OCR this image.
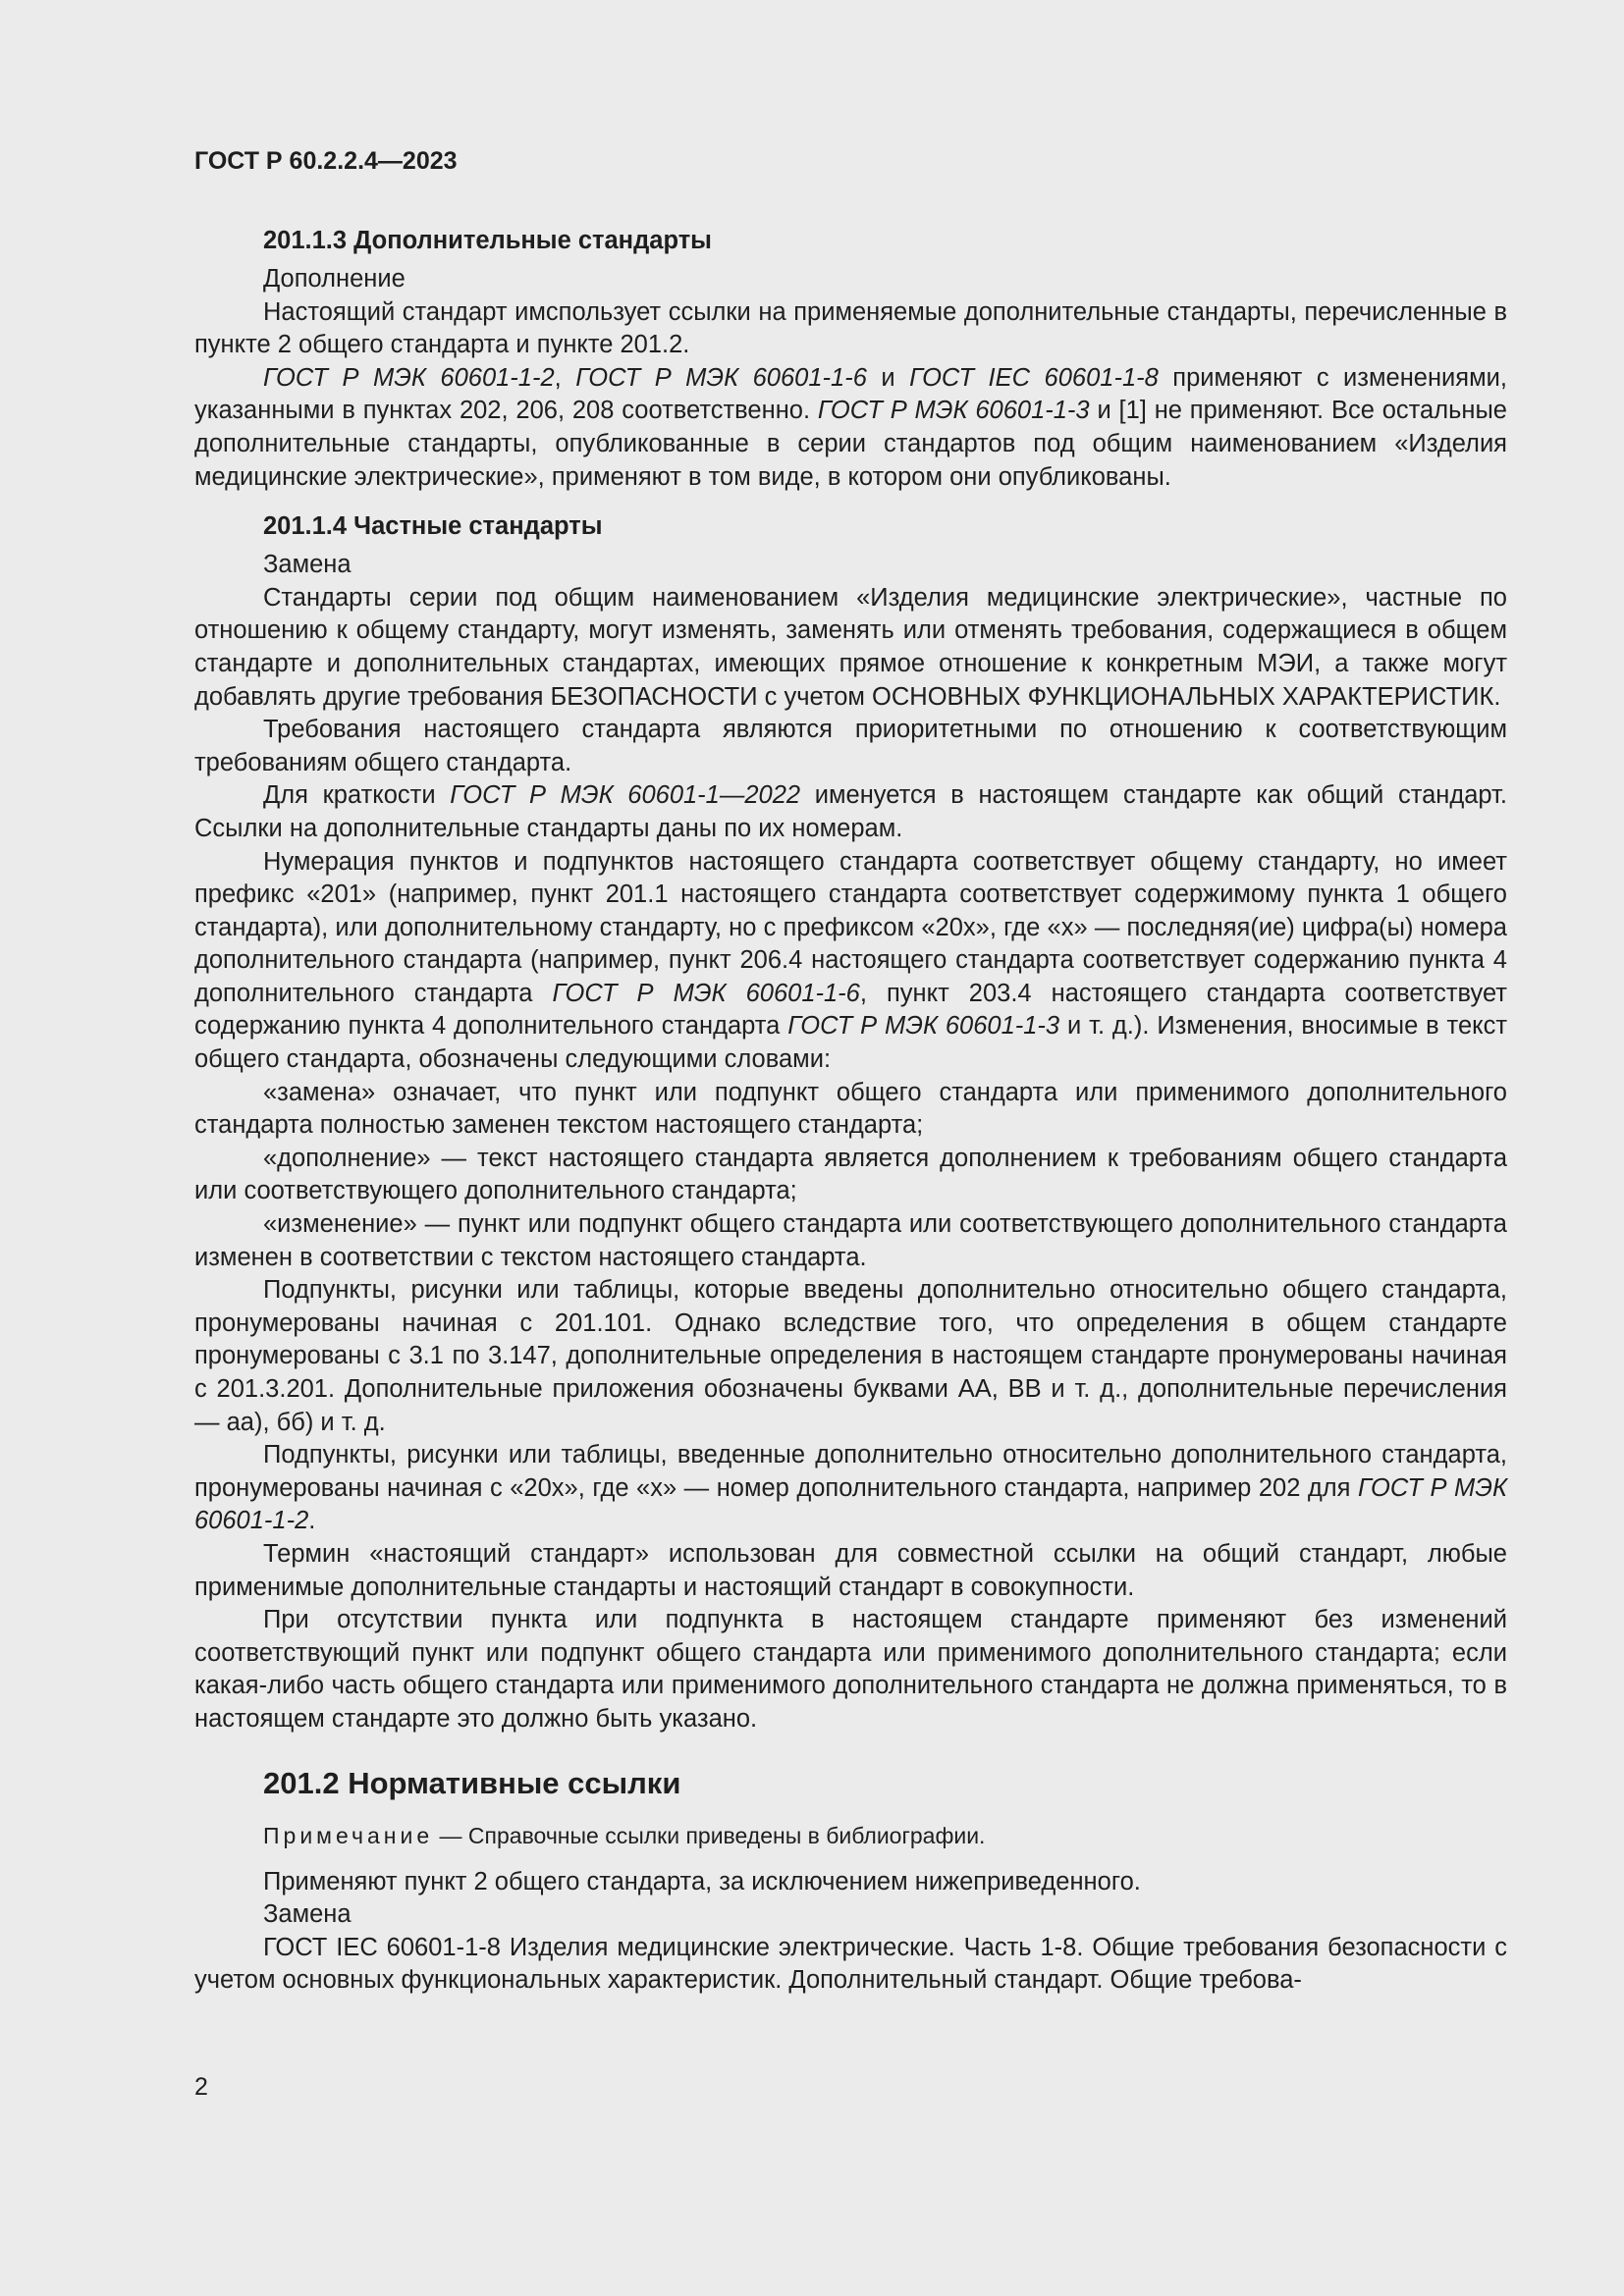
ГОСТ Р 60.2.2.4—2023
201.1.3 Дополнительные стандарты

Дополнение

Настоящий стандарт имспользует ссылки на применяемые дополнительные стандарты, перечисленные в пункте 2 общего стандарта и пункте 201.2.

ГОСТ Р МЭК 60601-1-2, ГОСТ Р МЭК 60601-1-6 и ГОСТ IEC 60601-1-8 применяют с изменениями, указанными в пунктах 202, 206, 208 соответственно. ГОСТ Р МЭК 60601-1-3 и [1] не применяют. Все остальные дополнительные стандарты, опубликованные в серии стандартов под общим наименованием «Изделия медицинские электрические», применяют в том виде, в котором они опубликованы.

201.1.4 Частные стандарты

Замена

Стандарты серии под общим наименованием «Изделия медицинские электрические», частные по отношению к общему стандарту, могут изменять, заменять или отменять требования, содержащиеся в общем стандарте и дополнительных стандартах, имеющих прямое отношение к конкретным МЭИ, а также могут добавлять другие требования БЕЗОПАСНОСТИ с учетом ОСНОВНЫХ ФУНКЦИОНАЛЬНЫХ ХАРАКТЕРИСТИК.

Требования настоящего стандарта являются приоритетными по отношению к соответствующим требованиям общего стандарта.

Для краткости ГОСТ Р МЭК 60601-1—2022 именуется в настоящем стандарте как общий стандарт. Ссылки на дополнительные стандарты даны по их номерам.

Нумерация пунктов и подпунктов настоящего стандарта соответствует общему стандарту, но имеет префикс «201» (например, пункт 201.1 настоящего стандарта соответствует содержимому пункта 1 общего стандарта), или дополнительному стандарту, но с префиксом «20x», где «x» — последняя(ие) цифра(ы) номера дополнительного стандарта (например, пункт 206.4 настоящего стандарта соответствует содержанию пункта 4 дополнительного стандарта ГОСТ Р МЭК 60601-1-6, пункт 203.4 настоящего стандарта соответствует содержанию пункта 4 дополнительного стандарта ГОСТ Р МЭК 60601-1-3 и т. д.). Изменения, вносимые в текст общего стандарта, обозначены следующими словами:

«замена» означает, что пункт или подпункт общего стандарта или применимого дополнительного стандарта полностью заменен текстом настоящего стандарта;

«дополнение» — текст настоящего стандарта является дополнением к требованиям общего стандарта или соответствующего дополнительного стандарта;

«изменение» — пункт или подпункт общего стандарта или соответствующего дополнительного стандарта изменен в соответствии с текстом настоящего стандарта.

Подпункты, рисунки или таблицы, которые введены дополнительно относительно общего стандарта, пронумерованы начиная с 201.101. Однако вследствие того, что определения в общем стандарте пронумерованы с 3.1 по 3.147, дополнительные определения в настоящем стандарте пронумерованы начиная с 201.3.201. Дополнительные приложения обозначены буквами АА, ВВ и т. д., дополнительные перечисления — аа), бб) и т. д.

Подпункты, рисунки или таблицы, введенные дополнительно относительно дополнительного стандарта, пронумерованы начиная с «20x», где «x» — номер дополнительного стандарта, например 202 для ГОСТ Р МЭК 60601-1-2.

Термин «настоящий стандарт» использован для совместной ссылки на общий стандарт, любые применимые дополнительные стандарты и настоящий стандарт в совокупности.

При отсутствии пункта или подпункта в настоящем стандарте применяют без изменений соответствующий пункт или подпункт общего стандарта или применимого дополнительного стандарта; если какая-либо часть общего стандарта или применимого дополнительного стандарта не должна применяться, то в настоящем стандарте это должно быть указано.

201.2 Нормативные ссылки
Примечание — Справочные ссылки приведены в библиографии.

Применяют пункт 2 общего стандарта, за исключением нижеприведенного.

Замена

ГОСТ IEC 60601-1-8 Изделия медицинские электрические. Часть 1-8. Общие требования безопасности с учетом основных функциональных характеристик. Дополнительный стандарт. Общие требова-

2
